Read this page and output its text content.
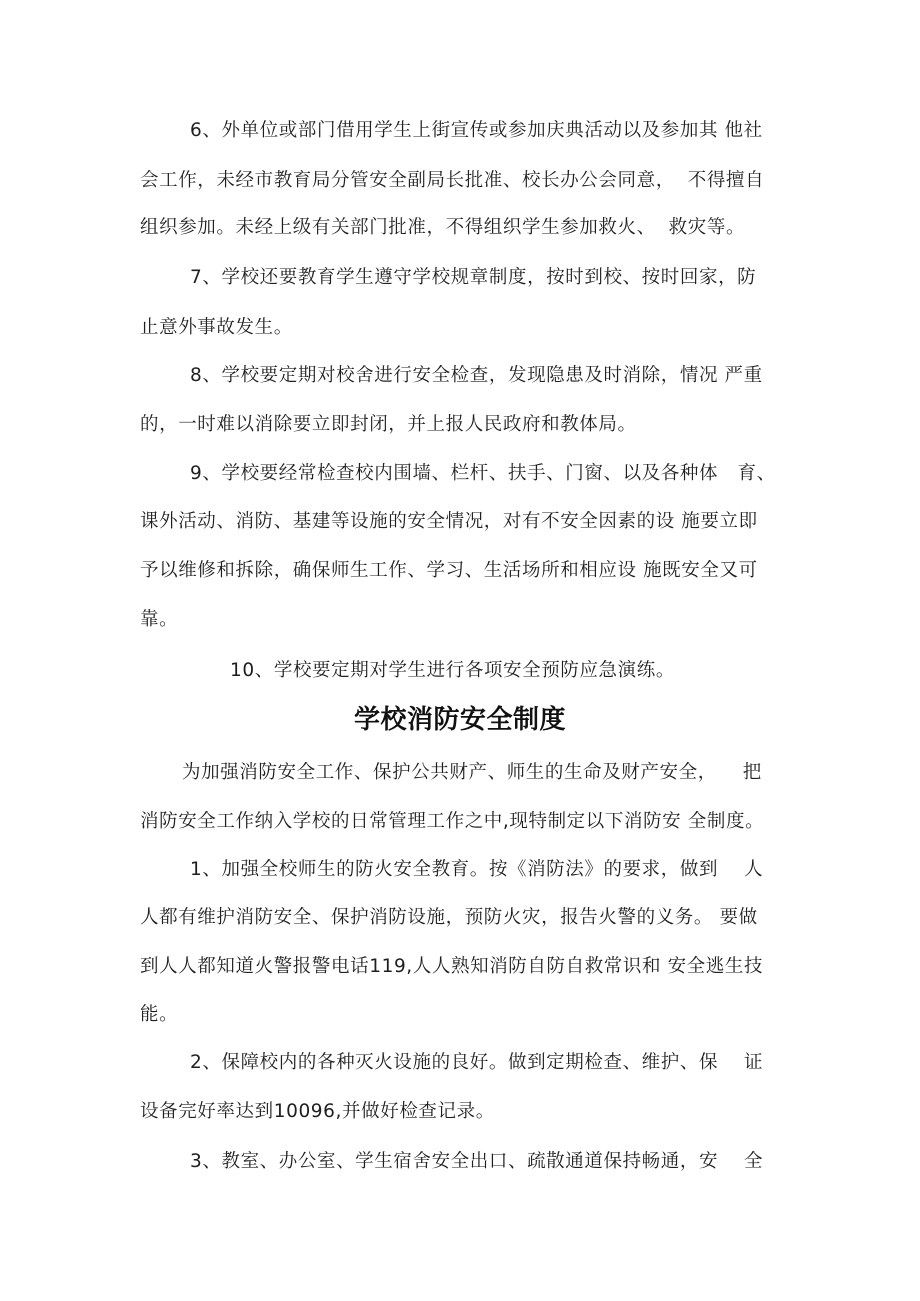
6、外单位或部门借用学生上街宣传或参加庆典活动以及参加其 他社
会工作，未经市教育局分管安全副局长批准、校长办公会同意，  不得擅自
组织参加。未经上级有关部门批准，不得组织学生参加救火、  救灾等。
7、学校还要教育学生遵守学校规章制度，按时到校、按时回家，防
止意外事故发生。
8、学校要定期对校舍进行安全检查，发现隐患及时消除，情况 严重
的，一时难以消除要立即封闭，并上报人民政府和教体局。
9、学校要经常检查校内围墙、栏杆、扶手、门窗、以及各种体   育、
课外活动、消防、基建等设施的安全情况，对有不安全因素的设 施要立即
予以维修和拆除，确保师生工作、学习、生活场所和相应设 施既安全又可
靠。
10、学校要定期对学生进行各项安全预防应急演练。
学校消防安全制度
为加强消防安全工作、保护公共财产、师生的生命及财产安全，    把
消防安全工作纳入学校的日常管理工作之中,现特制定以下消防安 全制度。
1、加强全校师生的防火安全教育。按《消防法》的要求，做到    人
人都有维护消防安全、保护消防设施，预防火灾，报告火警的义务。 要做
到人人都知道火警报警电话119,人人熟知消防自防自救常识和 安全逃生技
能。
2、保障校内的各种灭火设施的良好。做到定期检查、维护、保    证
设备完好率达到10096,并做好检查记录。
3、教室、办公室、学生宿舍安全出口、疏散通道保持畅通，安    全
